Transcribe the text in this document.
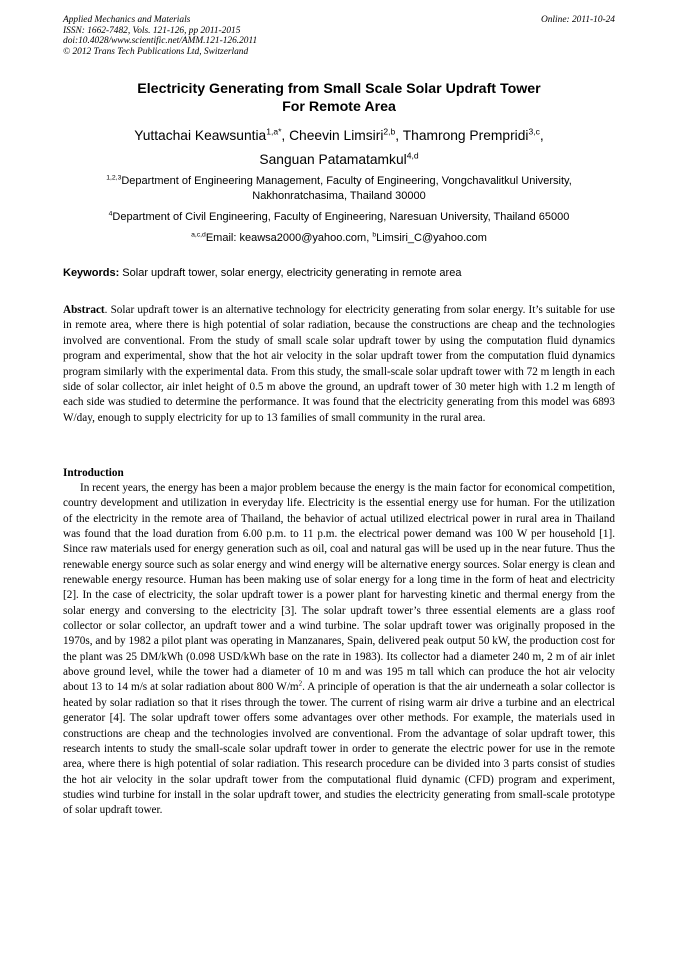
Applied Mechanics and Materials
ISSN: 1662-7482, Vols. 121-126, pp 2011-2015
doi:10.4028/www.scientific.net/AMM.121-126.2011
© 2012 Trans Tech Publications Ltd, Switzerland
Online: 2011-10-24
Electricity Generating from Small Scale Solar Updraft Tower
For Remote Area
Yuttachai Keawsuntia$^{1,a*}$, Cheevin Limsiri$^{2,b}$, Thamrong Prempridi$^{3,c}$,
Sanguan Patamatamkul$^{4,d}$
$^{1,2,3}$Department of Engineering Management, Faculty of Engineering, Vongchavalitkul University,
Nakhonratchasima, Thailand 30000
$^4$Department of Civil Engineering, Faculty of Engineering, Naresuan University, Thailand 65000
$^{a,c,d}$Email: keawsa2000@yahoo.com, $^b$Limsiri_C@yahoo.com
Keywords: Solar updraft tower, solar energy, electricity generating in remote area
Abstract. Solar updraft tower is an alternative technology for electricity generating from solar energy. It’s suitable for use in remote area, where there is high potential of solar radiation, because the constructions are cheap and the technologies involved are conventional. From the study of small scale solar updraft tower by using the computation fluid dynamics program and experimental, show that the hot air velocity in the solar updraft tower from the computation fluid dynamics program similarly with the experimental data. From this study, the small-scale solar updraft tower with 72 m length in each side of solar collector, air inlet height of 0.5 m above the ground, an updraft tower of 30 meter high with 1.2 m length of each side was studied to determine the performance. It was found that the electricity generating from this model was 6893 W/day, enough to supply electricity for up to 13 families of small community in the rural area.
Introduction
In recent years, the energy has been a major problem because the energy is the main factor for economical competition, country development and utilization in everyday life. Electricity is the essential energy use for human. For the utilization of the electricity in the remote area of Thailand, the behavior of actual utilized electrical power in rural area in Thailand was found that the load duration from 6.00 p.m. to 11 p.m. the electrical power demand was 100 W per household [1]. Since raw materials used for energy generation such as oil, coal and natural gas will be used up in the near future. Thus the renewable energy source such as solar energy and wind energy will be alternative energy sources. Solar energy is clean and renewable energy resource. Human has been making use of solar energy for a long time in the form of heat and electricity [2]. In the case of electricity, the solar updraft tower is a power plant for harvesting kinetic and thermal energy from the solar energy and conversing to the electricity [3]. The solar updraft tower’s three essential elements are a glass roof collector or solar collector, an updraft tower and a wind turbine. The solar updraft tower was originally proposed in the 1970s, and by 1982 a pilot plant was operating in Manzanares, Spain, delivered peak output 50 kW, the production cost for the plant was 25 DM/kWh (0.098 USD/kWh base on the rate in 1983). Its collector had a diameter 240 m, 2 m of air inlet above ground level, while the tower had a diameter of 10 m and was 195 m tall which can produce the hot air velocity about 13 to 14 m/s at solar radiation about 800 $W/m^2$. A principle of operation is that the air underneath a solar collector is heated by solar radiation so that it rises through the tower. The current of rising warm air drive a turbine and an electrical generator [4]. The solar updraft tower offers some advantages over other methods. For example, the materials used in constructions are cheap and the technologies involved are conventional. From the advantage of solar updraft tower, this research intents to study the small-scale solar updraft tower in order to generate the electric power for use in the remote area, where there is high potential of solar radiation. This research procedure can be divided into 3 parts consist of studies the hot air velocity in the solar updraft tower from the computational fluid dynamic (CFD) program and experiment, studies wind turbine for install in the solar updraft tower, and studies the electricity generating from small-scale prototype of solar updraft tower.
